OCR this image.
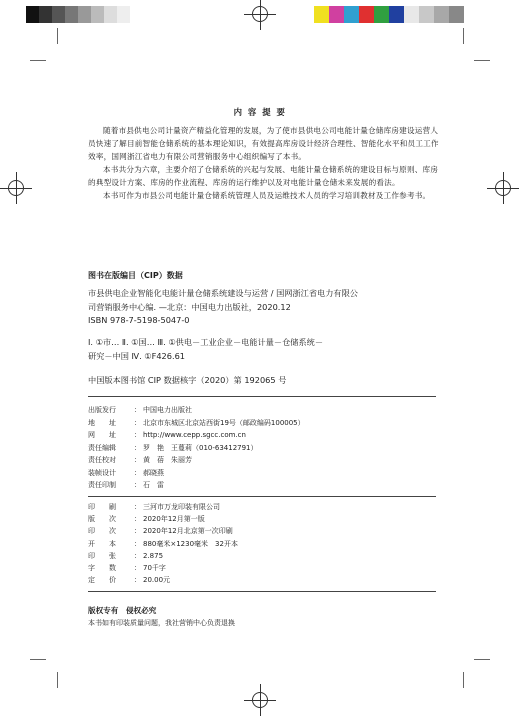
内 容 提 要

随着市县供电公司计量资产精益化管理的发展，为了使市县供电公司电能计量仓储库房建设运营人员快速了解目前智能仓储系统的基本理论知识，有效提高库房设计经济合理性、智能化水平和员工工作效率，国网浙江省电力有限公司营销服务中心组织编写了本书。

本书共分为六章，主要介绍了仓储系统的兴起与发展、电能计量仓储系统的建设目标与原则、库房的典型设计方案、库房的作业流程、库房的运行维护以及对电能计量仓储未来发展的看法。

本书可作为市县公司电能计量仓储系统管理人员及运维技术人员的学习培训教材及工作参考书。

图书在版编目（CIP）数据
市县供电企业智能化电能计量仓储系统建设与运营 / 国网浙江省电力有限公
司营销服务中心编. —北京：中国电力出版社，2020.12
ISBN 978-7-5198-5047-0
Ⅰ. ①市… Ⅱ. ①国… Ⅲ. ①供电－工业企业－电能计量－仓储系统－
研究－中国 Ⅳ. ①F426.61
中国版本图书馆 CIP 数据核字（2020）第 192065 号
出版发行	： 中国电力出版社
地　　址	： 北京市东城区北京站西街19号（邮政编码100005）
网　　址	： http://www.cepp.sgcc.com.cn
责任编辑	： 罗　艳　王蔓莉（010-63412791）
责任校对	： 黄　蓓　朱丽芳
装帧设计	： 郝晓燕
责任印制	： 石　雷
印　　刷	： 三河市万龙印装有限公司
版　　次	： 2020年12月第一版
印　　次	： 2020年12月北京第一次印刷
开　　本	： 880毫米×1230毫米　32开本
印　　张	： 2.875
字　　数	： 70千字
定　　价	： 20.00元
版权专有　侵权必究
本书如有印装质量问题，我社营销中心负责退换
